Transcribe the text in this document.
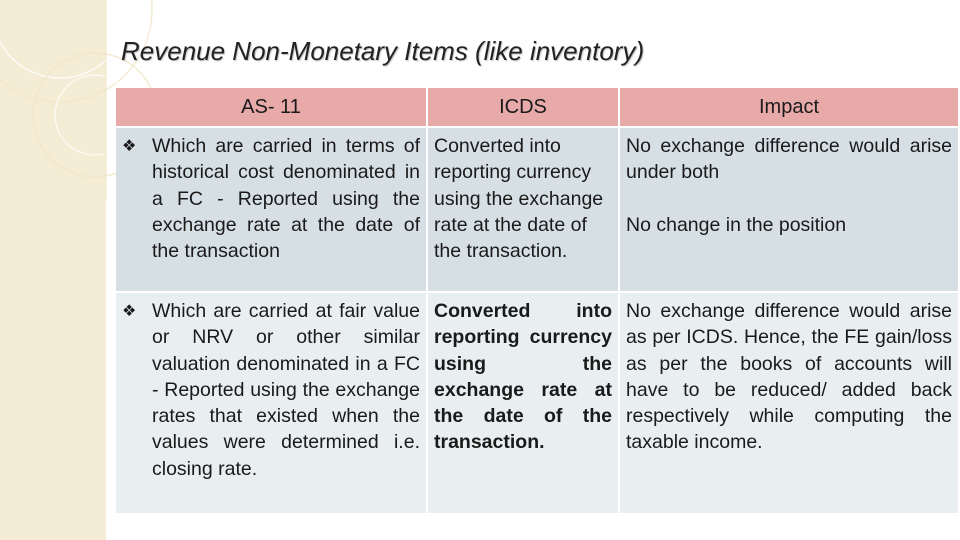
Revenue Non-Monetary Items (like inventory)
AS- 11	ICDS	Impact

❖ Which are carried in terms of historical cost denominated in a FC - Reported using the exchange rate at the date of the transaction	Converted into reporting currency using the exchange rate at the date of the transaction.	No exchange difference would arise under both
No change in the position

❖ Which are carried at fair value or NRV or other similar valuation denominated in a FC - Reported using the exchange rates that existed when the values were determined i.e. closing rate.	Converted into reporting currency using the exchange rate at the date of the transaction.	No exchange difference would arise as per ICDS. Hence, the FE gain/loss as per the books of accounts will have to be reduced/ added back respectively while computing the taxable income.
